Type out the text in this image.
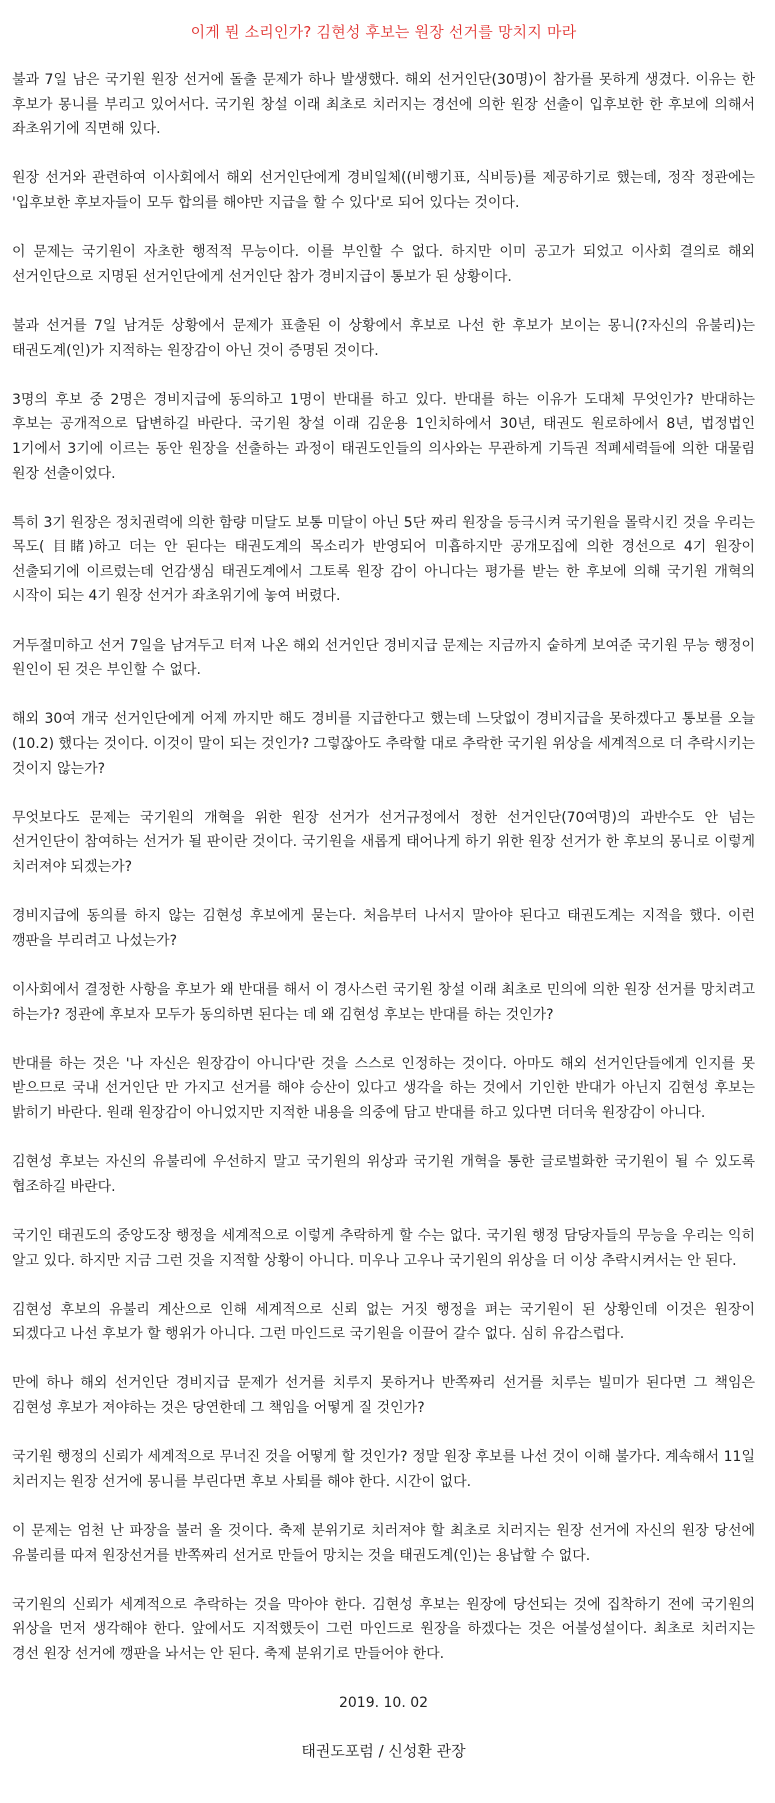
이게 뭔 소리인가? 김현성 후보는 원장 선거를 망치지 마라

불과 7일 남은 국기원 원장 선거에 돌출 문제가 하나 발생했다. 해외 선거인단(30명)이 참가를 못하게 생겼다. 이유는 한 후보가 몽니를 부리고 있어서다. 국기원 창설 이래 최초로 치러지는 경선에 의한 원장 선출이 입후보한 한 후보에 의해서 좌초위기에 직면해 있다.

원장 선거와 관련하여 이사회에서 해외 선거인단에게 경비일체((비행기표, 식비등)를 제공하기로 했는데, 정작 정관에는 '입후보한 후보자들이 모두 합의를 해야만 지급을 할 수 있다'로 되어 있다는 것이다.

이 문제는 국기원이 자초한 행적적 무능이다. 이를 부인할 수 없다. 하지만 이미 공고가 되었고 이사회 결의로 해외 선거인단으로 지명된 선거인단에게 선거인단 참가 경비지급이 통보가 된 상황이다.

불과 선거를 7일 남겨둔 상황에서 문제가 표출된 이 상황에서 후보로 나선 한 후보가 보이는 몽니(?자신의 유불리)는 태권도계(인)가 지적하는 원장감이 아닌 것이 증명된 것이다.

3명의 후보 중 2명은 경비지급에 동의하고 1명이 반대를 하고 있다. 반대를 하는 이유가 도대체 무엇인가? 반대하는 후보는 공개적으로 답변하길 바란다. 국기원 창설 이래 김운용 1인치하에서 30년, 태권도 원로하에서 8년, 법정법인 1기에서 3기에 이르는 동안 원장을 선출하는 과정이 태권도인들의 의사와는 무관하게 기득권 적폐세력들에 의한 대물림 원장 선출이었다.

특히 3기 원장은 정치권력에 의한 함량 미달도 보통 미달이 아닌 5단 짜리 원장을 등극시켜 국기원을 몰락시킨 것을 우리는 목도( 目睹)하고 더는 안 된다는 태권도계의 목소리가 반영되어 미흡하지만 공개모집에 의한 경선으로 4기 원장이 선출되기에 이르렀는데 언감생심 태권도계에서 그토록 원장 감이 아니다는 평가를 받는 한 후보에 의해 국기원 개혁의 시작이 되는 4기 원장 선거가 좌초위기에 놓여 버렸다.

거두절미하고 선거 7일을 남겨두고 터져 나온 해외 선거인단 경비지급 문제는 지금까지 숱하게 보여준 국기원 무능 행정이 원인이 된 것은 부인할 수 없다.

해외 30여 개국 선거인단에게 어제 까지만 해도 경비를 지급한다고 했는데 느닷없이 경비지급을 못하겠다고 통보를 오늘(10.2) 했다는 것이다. 이것이 말이 되는 것인가? 그렇잖아도 추락할 대로 추락한 국기원 위상을 세계적으로 더 추락시키는 것이지 않는가?

무엇보다도 문제는 국기원의 개혁을 위한 원장 선거가 선거규정에서 정한 선거인단(70여명)의 과반수도 안 넘는 선거인단이 참여하는 선거가 될 판이란 것이다. 국기원을 새롭게 태어나게 하기 위한 원장 선거가 한 후보의 몽니로 이렇게 치러져야 되겠는가?

경비지급에 동의를 하지 않는 김현성 후보에게 묻는다. 처음부터 나서지 말아야 된다고 태권도계는 지적을 했다. 이런 깽판을 부리려고 나섰는가?

이사회에서 결정한 사항을 후보가 왜 반대를 해서 이 경사스런 국기원 창설 이래 최초로 민의에 의한 원장 선거를 망치려고 하는가? 정관에 후보자 모두가 동의하면 된다는 데 왜 김현성 후보는 반대를 하는 것인가?

반대를 하는 것은 '나 자신은 원장감이 아니다'란 것을 스스로 인정하는 것이다. 아마도 해외 선거인단들에게 인지를 못 받으므로 국내 선거인단 만 가지고 선거를 해야 승산이 있다고 생각을 하는 것에서 기인한 반대가 아닌지 김현성 후보는 밝히기 바란다. 원래 원장감이 아니었지만 지적한 내용을 의중에 담고 반대를 하고 있다면 더더욱 원장감이 아니다.

김현성 후보는 자신의 유불리에 우선하지 말고 국기원의 위상과 국기원 개혁을 통한 글로벌화한 국기원이 될 수 있도록 협조하길 바란다.

국기인 태권도의 중앙도장 행정을 세계적으로 이렇게 추락하게 할 수는 없다. 국기원 행정 담당자들의 무능을 우리는 익히 알고 있다. 하지만 지금 그런 것을 지적할 상황이 아니다. 미우나 고우나 국기원의 위상을 더 이상 추락시켜서는 안 된다.

김현성 후보의 유불리 계산으로 인해 세계적으로 신뢰 없는 거짓 행정을 펴는 국기원이 된 상황인데 이것은 원장이 되겠다고 나선 후보가 할 행위가 아니다. 그런 마인드로 국기원을 이끌어 갈수 없다. 심히 유감스럽다.

만에 하나 해외 선거인단 경비지급 문제가 선거를 치루지 못하거나 반쪽짜리 선거를 치루는 빌미가 된다면 그 책임은 김현성 후보가 져야하는 것은 당연한데 그 책임을 어떻게 질 것인가?

국기원 행정의 신뢰가 세계적으로 무너진 것을 어떻게 할 것인가? 정말 원장 후보를 나선 것이 이해 불가다. 계속해서 11일 치러지는 원장 선거에 몽니를 부린다면 후보 사퇴를 해야 한다. 시간이 없다.

이 문제는 엄천 난 파장을 불러 올 것이다. 축제 분위기로 치러져야 할 최초로 치러지는 원장 선거에 자신의 원장 당선에 유불리를 따져 원장선거를 반쪽짜리 선거로 만들어 망치는 것을 태권도계(인)는 용납할 수 없다.

국기원의 신뢰가 세계적으로 추락하는 것을 막아야 한다. 김현성 후보는 원장에 당선되는 것에 집착하기 전에 국기원의 위상을 먼저 생각해야 한다. 앞에서도 지적했듯이 그런 마인드로 원장을 하겠다는 것은 어불성설이다. 최초로 치러지는 경선 원장 선거에 깽판을 놔서는 안 된다. 축제 분위기로 만들어야 한다.

2019. 10. 02

태권도포럼 / 신성환 관장
